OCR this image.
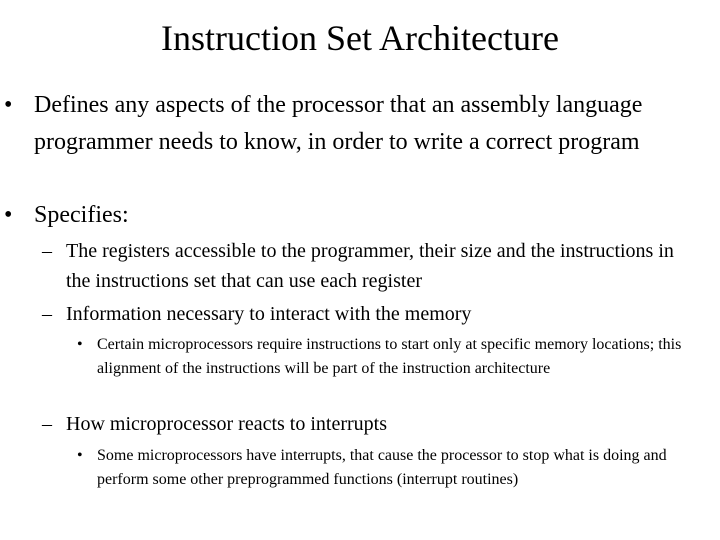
Instruction Set Architecture
• Defines any aspects of the processor that an assembly language programmer needs to know, in order to write a correct program
• Specifies:
– The registers accessible to the programmer, their size and the instructions in the instructions set that can use each register
– Information necessary to interact with the memory
• Certain microprocessors require instructions to start only at specific memory locations; this alignment of the instructions will be part of the instruction architecture
– How microprocessor reacts to interrupts
• Some microprocessors have interrupts, that cause the processor to stop what is doing and perform some other preprogrammed functions (interrupt routines)
